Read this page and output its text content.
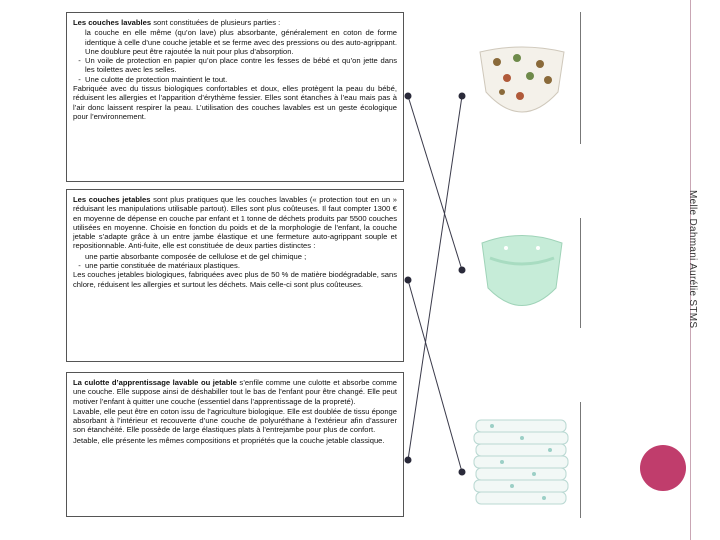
Melle Dahmani Aurélie STMS

Les couches lavables sont constituées de plusieurs parties :

la couche en elle même (qu’on lave) plus absorbante, généralement en coton de forme identique à celle d’une couche jetable et se ferme avec des pressions ou des auto-agrippant. Une doublure peut être rajoutée la nuit pour plus d’absorption.
- Un voile de protection en papier qu’on place contre les fesses de bébé et qu’on jette dans les toilettes avec les selles.
- Une culotte de protection maintient le tout.

Fabriquée avec du tissus biologiques confortables et doux, elles protègent la peau du bébé, réduisent les allergies et l’apparition d’érythème fessier. Elles sont étanches à l’eau mais pas à l’air donc laissent respirer la peau. L’utilisation des couches lavables est un geste écologique pour l’environnement.

Les couches jetables sont plus pratiques que les couches lavables (« protection tout en un » réduisant les manipulations utilisable partout). Elles sont plus coûteuses. Il faut compter 1300 € en moyenne de dépense en couche par enfant et 1 tonne de déchets produits par 5500 couches utilisées en moyenne. Choisie en fonction du poids et de la morphologie de l’enfant, la couche jetable s’adapte grâce à un entre jambe élastique et une fermeture auto-agrippant souple et repositionnable. Anti-fuite, elle est constituée de deux parties distinctes :

une partie absorbante composée de cellulose et de gel chimique ;
- une partie constituée de matériaux plastiques.

Les couches jetables biologiques, fabriquées avec plus de 50 % de matière biodégradable, sans chlore, réduisent les allergies et surtout les déchets. Mais celle-ci sont plus coûteuses.

La culotte d’apprentissage lavable ou jetable s’enfile comme une culotte et absorbe comme une couche. Elle suppose ainsi de déshabiller tout le bas de l’enfant pour être changé. Elle peut motiver l’enfant à quitter une couche (essentiel dans l’apprentissage de la propreté).

Lavable, elle peut être en coton issu de l’agriculture biologique. Elle est doublée de tissu éponge absorbant à l’intérieur et recouverte d’une couche de polyuréthane à l’extérieur afin d’assurer son étanchéité. Elle possède de large élastiques plats à l’entrejambe pour plus de confort.

Jetable, elle présente les mêmes compositions et propriétés que la couche jetable classique.
